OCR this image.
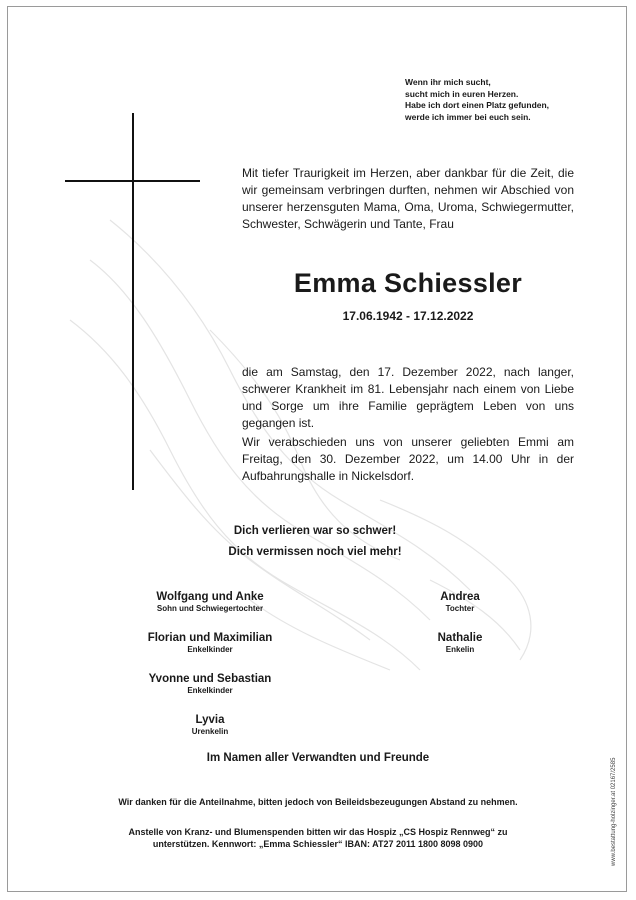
Wenn ihr mich sucht,
sucht mich in euren Herzen.
Habe ich dort einen Platz gefunden,
werde ich immer bei euch sein.
Mit tiefer Traurigkeit im Herzen, aber dankbar für die Zeit, die wir gemeinsam verbringen durften, nehmen wir Abschied von unserer herzensguten Mama, Oma, Uroma, Schwiegermutter, Schwester, Schwägerin und Tante, Frau
Emma Schiessler
17.06.1942 - 17.12.2022
die am Samstag, den 17. Dezember 2022, nach langer, schwerer Krankheit im 81. Lebensjahr nach einem von Liebe und Sorge um ihre Familie geprägtem Leben von uns gegangen ist.
Wir verabschieden uns von unserer geliebten Emmi am Freitag, den 30. Dezember 2022, um 14.00 Uhr in der Aufbahrungshalle in Nickelsdorf.
Dich verlieren war so schwer!
Dich vermissen noch viel mehr!
Wolfgang und Anke
Sohn und Schwiegertochter
Florian und Maximilian
Enkelkinder
Yvonne und Sebastian
Enkelkinder
Lyvia
Urenkelin
Andrea
Tochter
Nathalie
Enkelin
Im Namen aller Verwandten und Freunde
Wir danken für die Anteilnahme, bitten jedoch von Beileidsbezeugungen Abstand zu nehmen.
Anstelle von Kranz- und Blumenspenden bitten wir das Hospiz „CS Hospiz Rennweg“ zu
unterstützen. Kennwort: „Emma Schiessler“ IBAN: AT27 2011 1800 8098 0900	www.bestattung-holzinger.at 02167/2585
